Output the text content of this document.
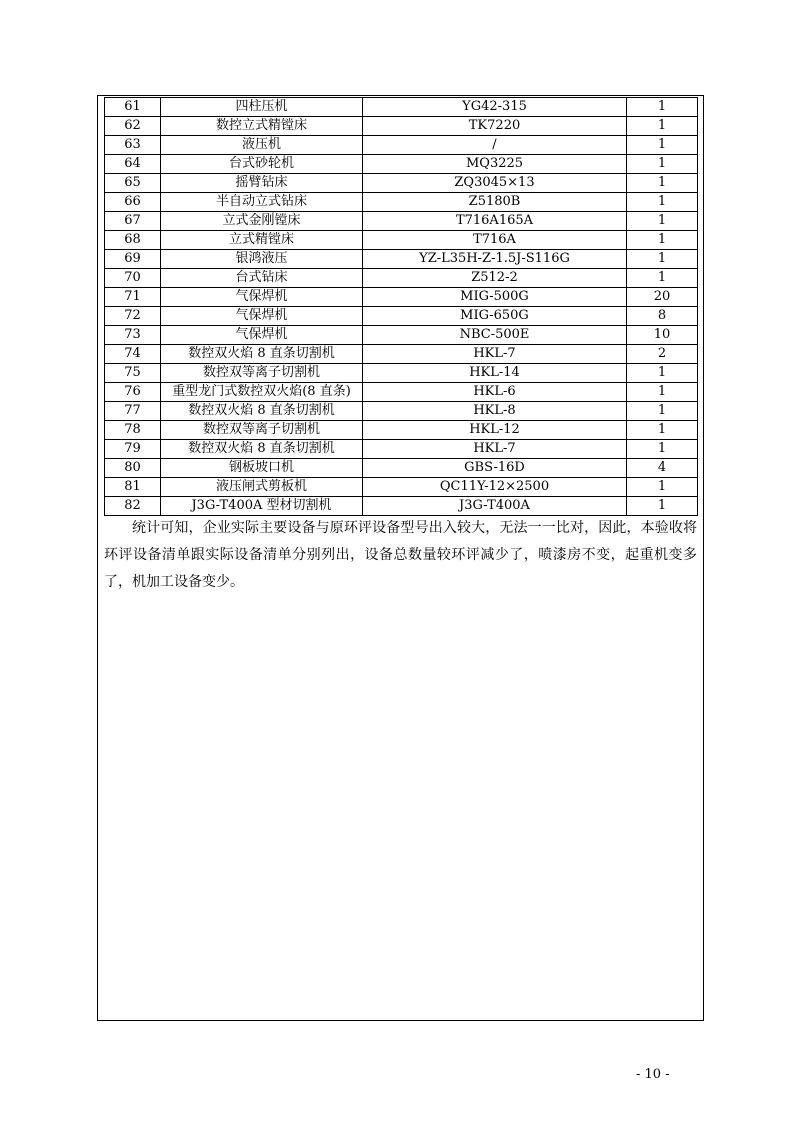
61	四柱压机	YG42-315	1
62	数控立式精镗床	TK7220	1
63	液压机	/	1
64	台式砂轮机	MQ3225	1
65	摇臂钻床	ZQ3045×13	1
66	半自动立式钻床	Z5180B	1
67	立式金刚镗床	T716A165A	1
68	立式精镗床	T716A	1
69	银鸿液压	YZ-L35H-Z-1.5J-S116G	1
70	台式钻床	Z512-2	1
71	气保焊机	MIG-500G	20
72	气保焊机	MIG-650G	8
73	气保焊机	NBC-500E	10
74	数控双火焰 8 直条切割机	HKL-7	2
75	数控双等离子切割机	HKL-14	1
76	重型龙门式数控双火焰(8 直条)	HKL-6	1
77	数控双火焰 8 直条切割机	HKL-8	1
78	数控双等离子切割机	HKL-12	1
79	数控双火焰 8 直条切割机	HKL-7	1
80	钢板坡口机	GBS-16D	4
81	液压闸式剪板机	QC11Y-12×2500	1
82	J3G-T400A 型材切割机	J3G-T400A	1

统计可知，企业实际主要设备与原环评设备型号出入较大，无法一一比对，因此，本验收将环评设备清单跟实际设备清单分别列出，设备总数量较环评减少了，喷漆房不变，起重机变多了，机加工设备变少。

- 10 -
